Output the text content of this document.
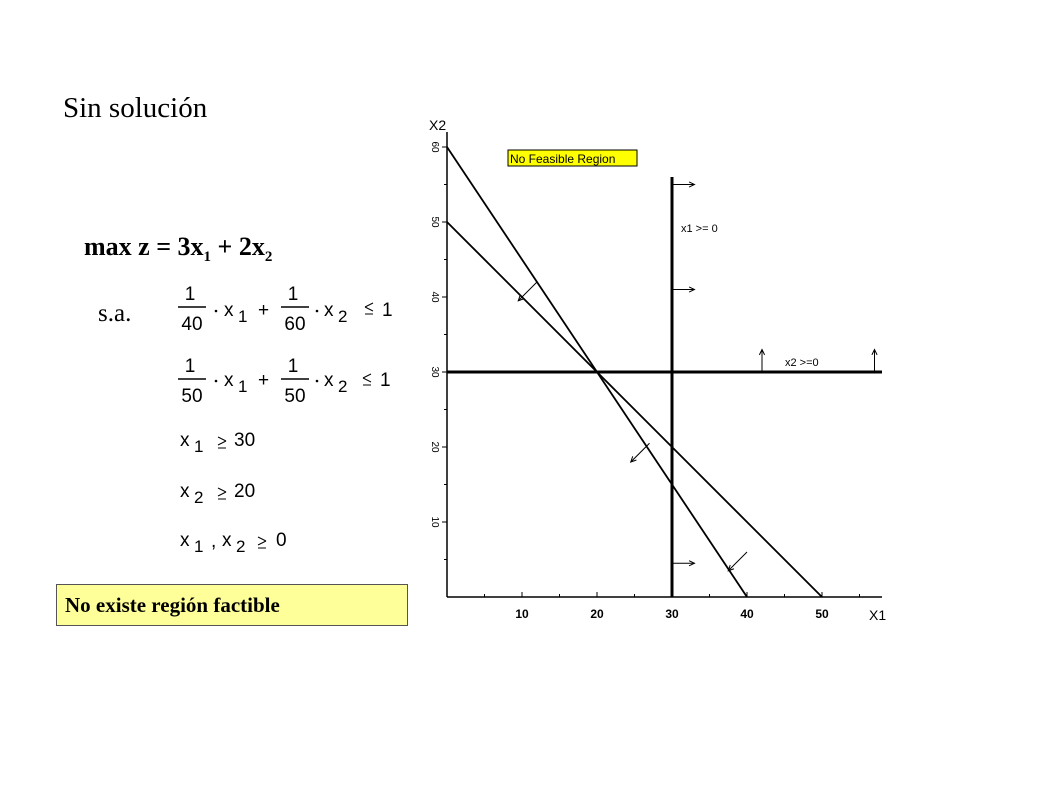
Sin solución
$\max z = 3x_1 + 2x_2$
s.a.
1
40
x 1 +
1
60
x 2 1
1
50
x 1 +
1
50
x 2 1
x 1 30
x 2 20
x 1 , x 2 0
No existe región factible
No Feasible Region
X2
X1
x1 >= 0
x2 >=0
10	20	30	40	50
10
20
30
40
50
60
